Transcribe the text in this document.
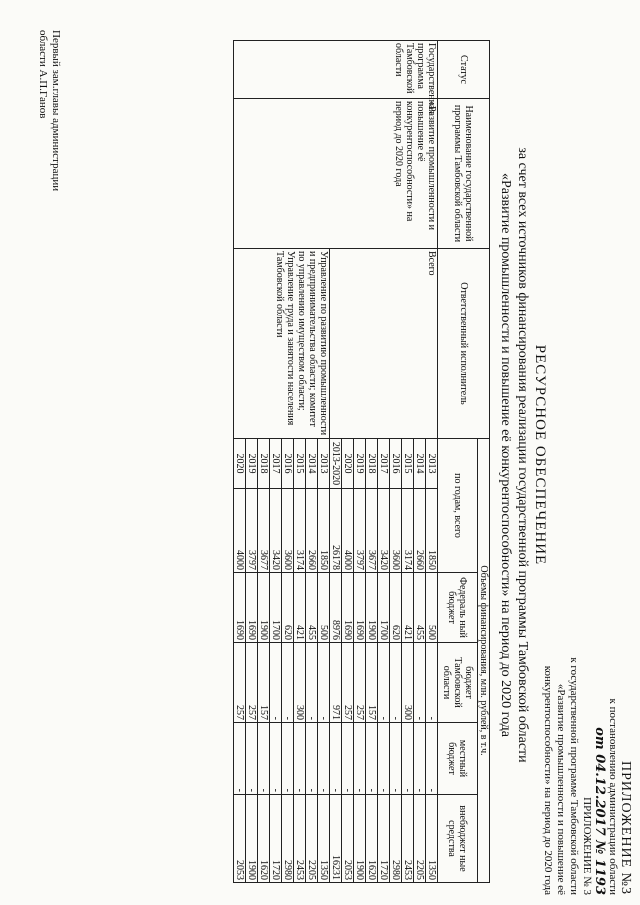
ПРИЛОЖЕНИЕ №3
к постановлению администрации области
от 04.12.2017 № 1193
ПРИЛОЖЕНИЕ № 3
к государственной программе Тамбовской области
«Развитие промышленности и повышение её
конкурентоспособности» на период до 2020 года
РЕСУРСНОЕ ОБЕСПЕЧЕНИЕ
за счет всех источников финансирования реализации государственной программы Тамбовской области
«Развитие промышленности и повышение её конкурентоспособности» на период до 2020 года
Статус	Наименование государственной программы Тамбовской области	Ответственный исполнитель	Объемы финансирования, млн. рублей, в т.ч.					
			по годам, всего		Федераль ный бюджет	бюджет Тамбовской области	местный бюджет	внебюджет ные средства
Государственная программа Тамбовской области	«Развитие промышленности и повышение её конкурентоспособности» на период до 2020 года	Всего	2013	1850	500	-	-	1350
			2014	2660	455	-	-	2205
			2015	3174	421	300	-	2453
			2016	3600	620	-	-	2980
			2017	3420	1700	-	-	1720
			2018	3677	1900	157	-	1620
			2019	3797	1690	257	-	1900
			2020	4000	1690	257	-	2053
			2013-2020	26178	8976	971	-	16231
		Управление по развитию промышленности и предпринимательства области; комитет по управлению имуществом области; Управление труда и занятости населения Тамбовской области	2013	1850	500	-	-	1350
			2014	2660	455	-	-	2205
			2015	3174	421	300	-	2453
			2016	3600	620	-	-	2980
			2017	3420	1700	-	-	1720
			2018	3677	1900	157	-	1620
			2019	3797	1690	257	-	1900
			2020	4000	1690	257	-	2053
Первый зам.главы администрации
области А.П.Ганов
